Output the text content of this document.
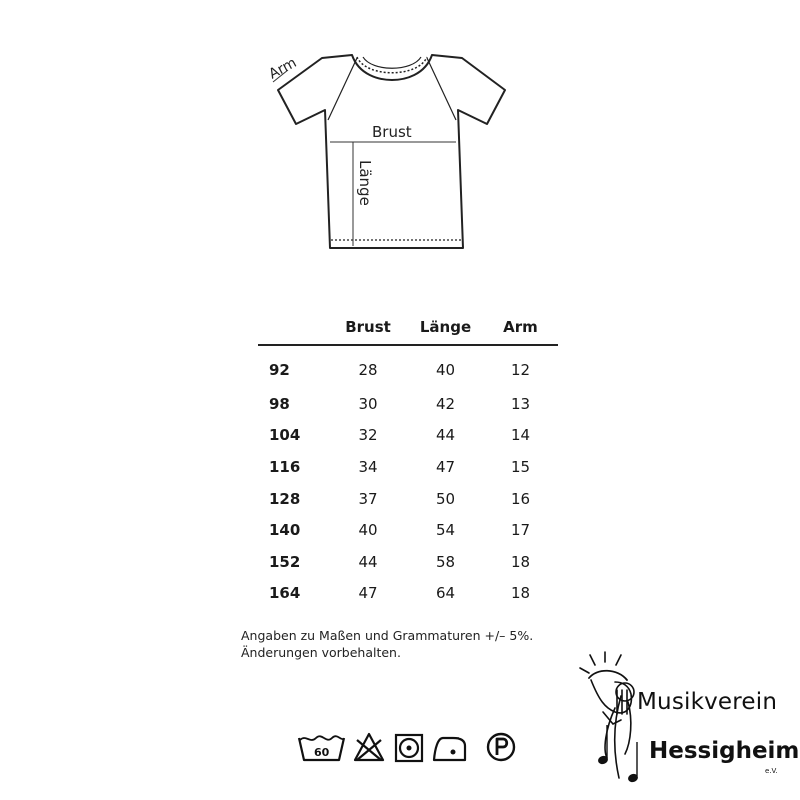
Arm
Brust
Länge
	Brust	Länge	Arm
92	28	40	12
98	30	42	13
104	32	44	14
116	34	47	15
128	37	50	16
140	40	54	17
152	44	58	18
164	47	64	18
Angaben zu Maßen und Grammaturen +/– 5%.
Änderungen vorbehalten.
60
Musikverein
Hessigheim
e.V.
